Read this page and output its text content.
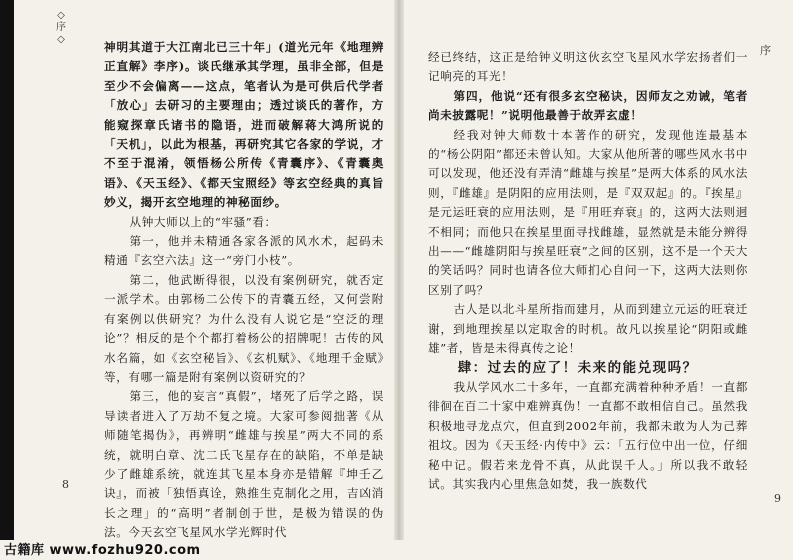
◇序◇

神明其道于大江南北已三十年」(道光元年《地理辨正直解》李序)。谈氏继承其学理，虽非全部，但是至少不会偏离——这点，笔者认为是可供后代学者「放心」去研习的主要理由；透过谈氏的著作，方能窥探章氏诸书的隐语，进而破解蒋大鸿所说的「天机」，以此为根基，再研究其它各家的学说，才不至于混淆，领悟杨公所传《青囊序》、《青囊奥语》、《天玉经》、《都天宝照经》等玄空经典的真旨妙义，揭开玄空地理的神秘面纱。

从钟大师以上的“牢骚”看：

第一，他并未精通各家各派的风水术，起码未精通『玄空六法』这一“旁门小枝”。

第二，他武断得很，以没有案例研究，就否定一派学术。由郭杨二公传下的青囊五经，又何尝附有案例以供研究？为什么没有人说它是“空泛的理论”？相反的是个个都打着杨公的招牌呢！古传的风水名篇，如《玄空秘旨》、《玄机赋》、《地理千金赋》等，有哪一篇是附有案例以资研究的？

第三，他的妄言“真假”，堵死了后学之路，误导读者进入了万劫不复之境。大家可参阅拙著《从师随笔揭伪》，再辨明“雌雄与挨星”两大不同的系统，就明白章、沈二氏飞星存在的缺陷，不单是缺少了雌雄系统，就连其飞星本身亦是错解『坤壬乙诀』，而被「独悟真诠，熟推生克制化之用，吉凶消长之理」的“高明”者制创于世，是极为错误的伪法。今天玄空飞星风水学光辉时代

8
序

经已终结，这正是给钟义明这伙玄空飞星风水学宏扬者们一记响亮的耳光！

第四，他说“还有很多玄空秘诀，因师友之劝诫，笔者尚未披露呢！”说明他最善于故弄玄虚！

经我对钟大师数十本著作的研究，发现他连最基本的“杨公阴阳”都还未曾认知。大家从他所著的哪些风水书中可以发现，他还没有弄清“雌雄与挨星”是两大体系的风水法则，『雌雄』是阴阳的应用法则，是『双双起』的。『挨星』是元运旺衰的应用法则，是『用旺弃衰』的，这两大法则迥不相同；而他只在挨星里面寻找雌雄，显然就是未能分辨得出——“雌雄阴阳与挨星旺衰”之间的区别，这不是一个天大的笑话吗？同时也请各位大师扪心自问一下，这两大法则你区别了吗？

古人是以北斗星所指而建月，从而到建立元运的旺衰迁谢，到地理挨星以定取舍的时机。故凡以挨星论“阴阳或雌雄”者，皆是未得真传之论！

肆：过去的应了！未来的能兑现吗？

我从学风水二十多年，一直都充满着种种矛盾！一直都徘徊在百二十家中难辨真伪！一直都不敢相信自己。虽然我积极地寻龙点穴，但直到2002年前，我都未敢为人为己葬祖坟。因为《天玉经·内传中》云：「五行位中出一位，仔细秘中记。假若来龙骨不真，从此误千人。」所以我不敢轻试。其实我内心里焦急如焚，我一族数代

9
古籍库 www.fozhu920.com
